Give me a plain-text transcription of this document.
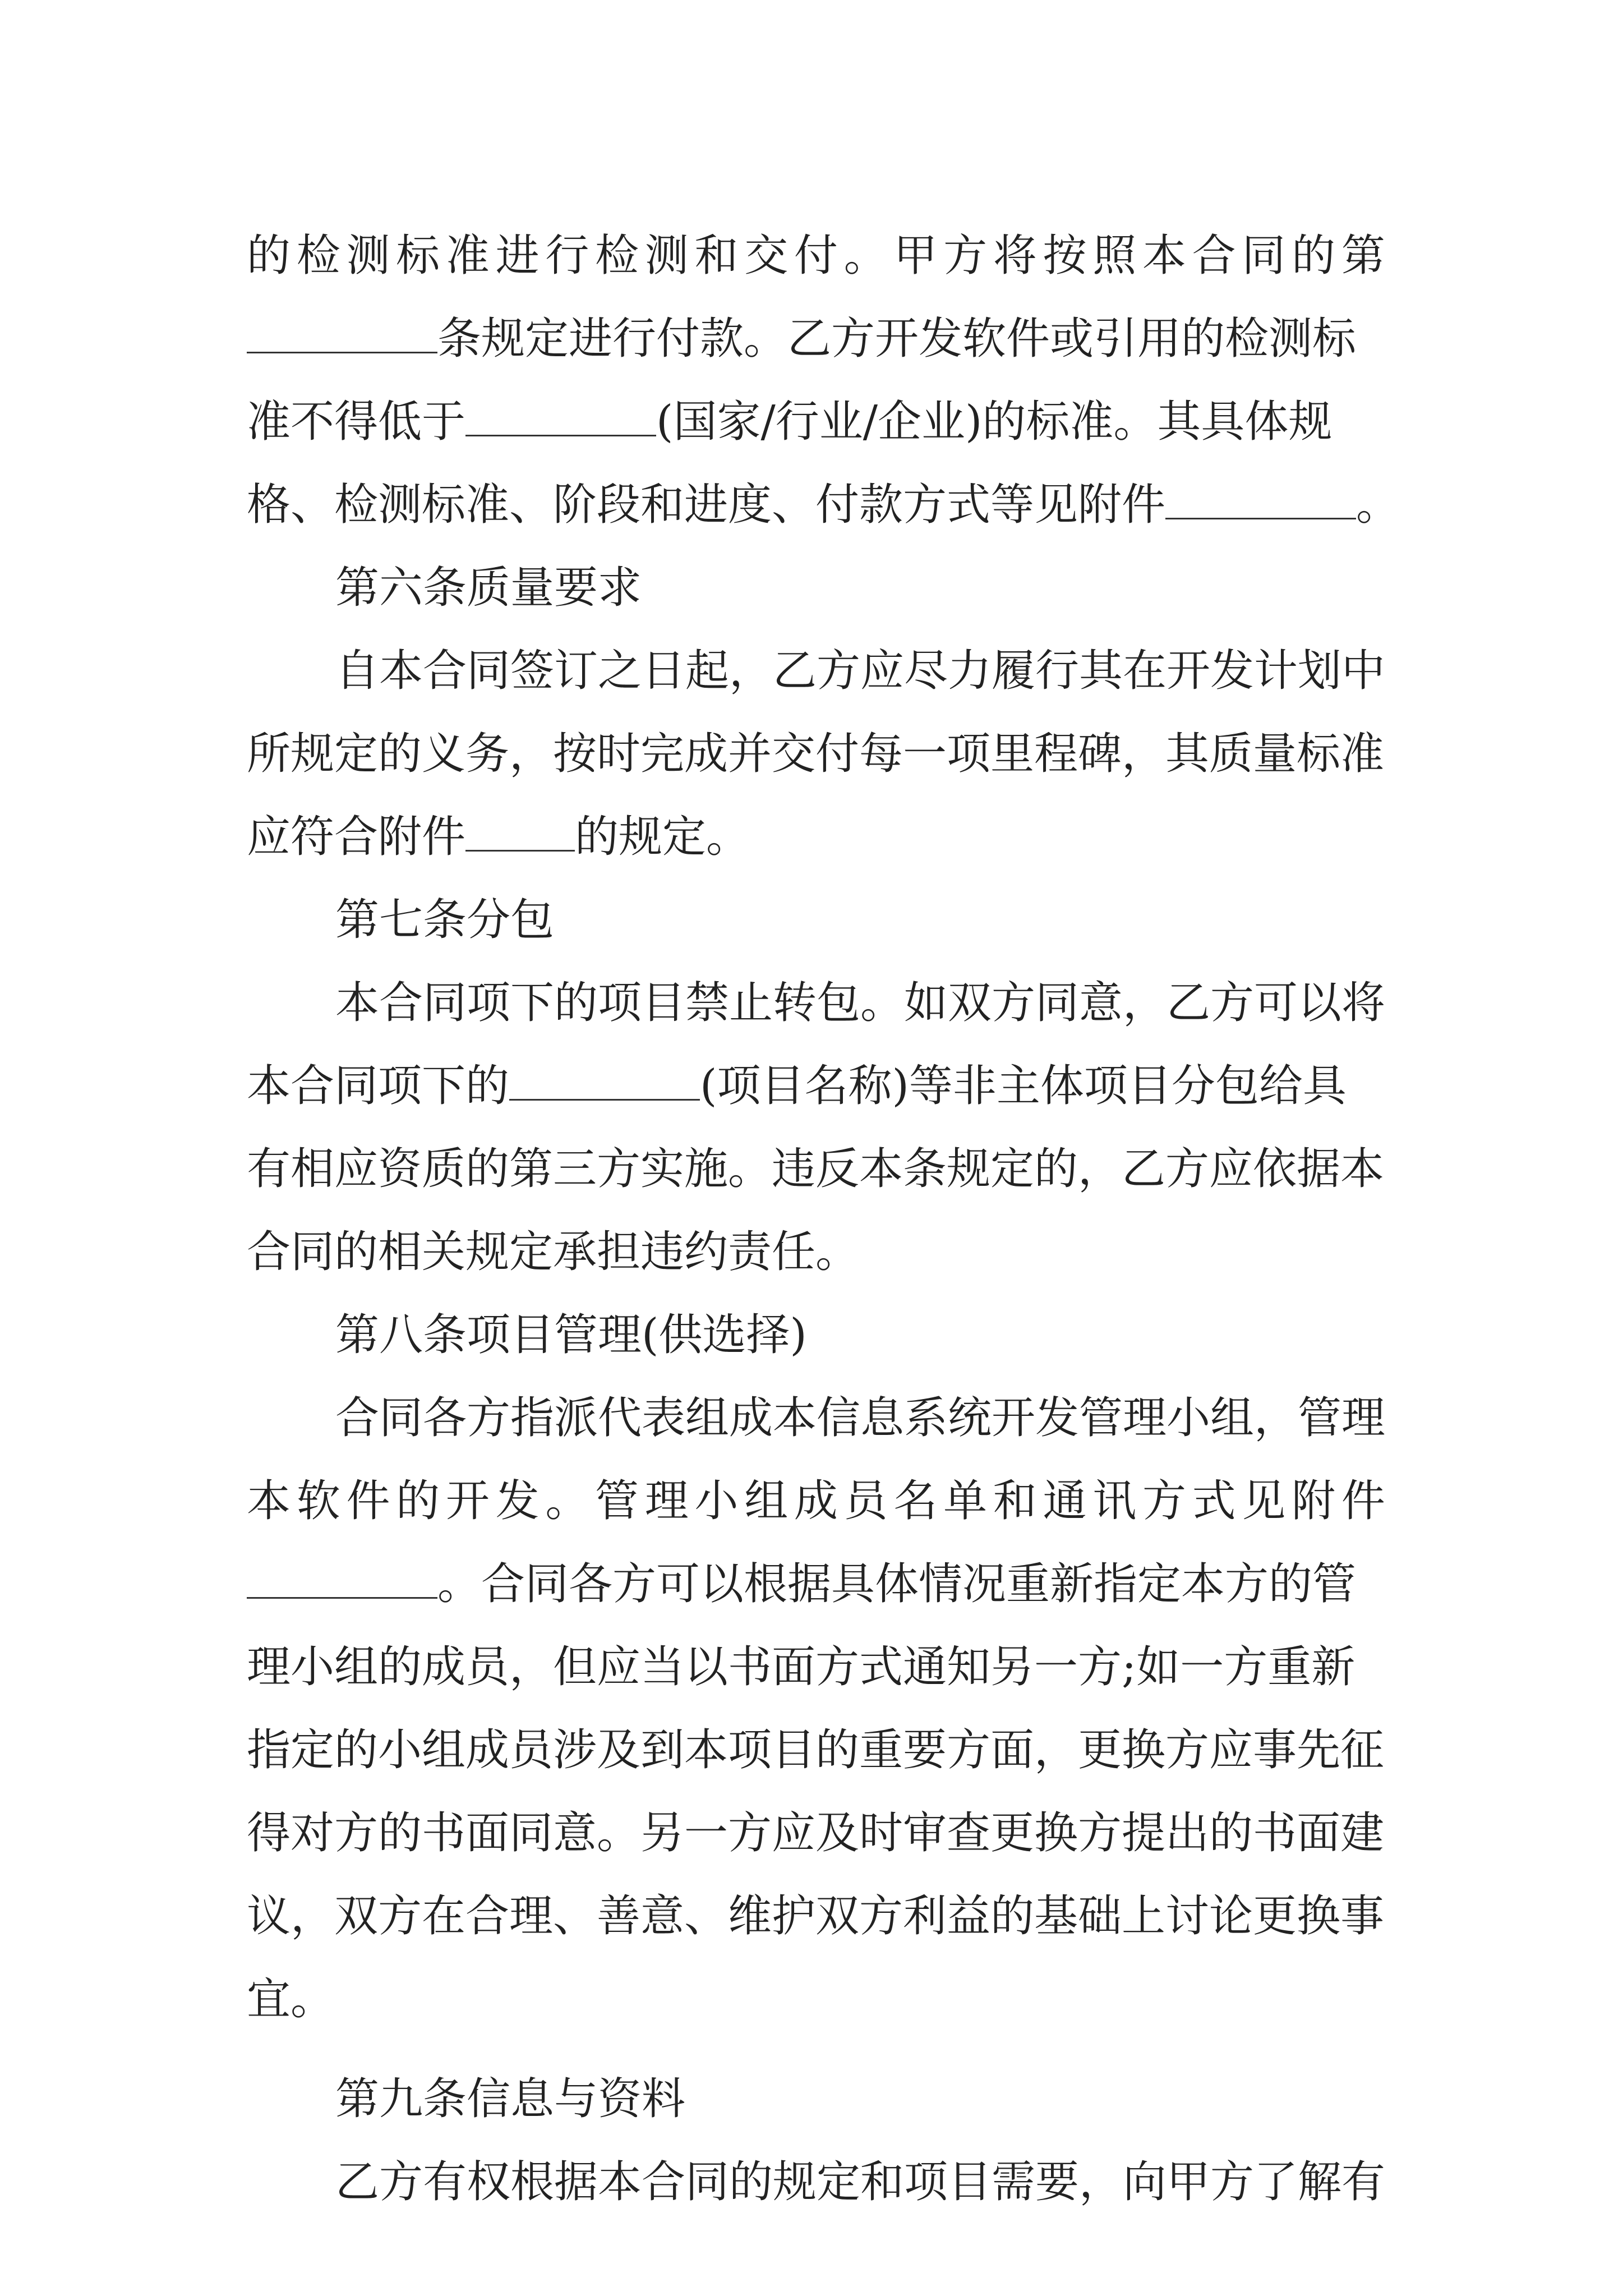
的 检 测 标 准 进 行 检 测 和 交 付 。 甲 方 将 按 照 本 合 同 的 第
条规定进行付款。乙方开发软件或引用的检测标
准不得低于	(国家/行业/企业)的标准。其具体规
格、检测标准、阶段和进度、付款方式等见附件	。
第六条质量要求
自本合同签订之日起，乙方应尽力履行其在开发计划中
所规定的义务，按时完成并交付每一项里程碑，其质量标准
应符合附件	的规定。
第七条分包
本合同项下的项目禁止转包。如双方同意，乙方可以将
本合同项下的	(项目名称)等非主体项目分包给具
有相应资质的第三方实施。违反本条规定的，乙方应依据本
合同的相关规定承担违约责任。
第八条项目管理(供选择)
合同各方指派代表组成本信息系统开发管理小组，管理
本 软 件 的 开 发 。 管 理 小 组 成 员 名 单 和 通 讯 方 式 见 附 件
。合同各方可以根据具体情况重新指定本方的管
理小组的成员，但应当以书面方式通知另一方;如一方重新
指定的小组成员涉及到本项目的重要方面，更换方应事先征
得对方的书面同意。另一方应及时审查更换方提出的书面建
议，双方在合理、善意、维护双方利益的基础上讨论更换事
宜。
第九条信息与资料
乙方有权根据本合同的规定和项目需要，向甲方了解有
